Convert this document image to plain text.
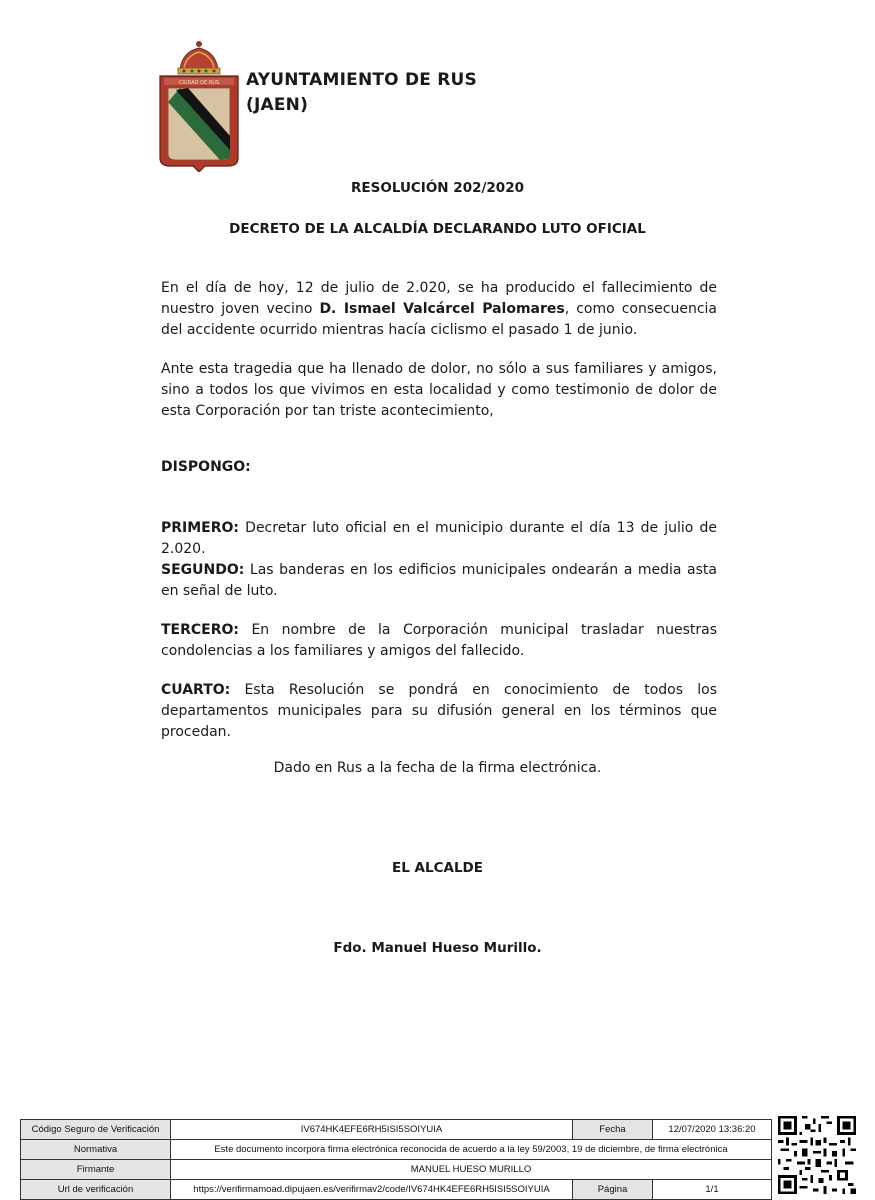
CIUDAD DE RUS AYUNTAMIENTO DE RUS
(JAEN)
RESOLUCIÓN 202/2020
DECRETO DE LA ALCALDÍA DECLARANDO LUTO OFICIAL
En el día de hoy, 12 de julio de 2.020, se ha producido el fallecimiento de nuestro joven vecino D. Ismael Valcárcel Palomares, como consecuencia del accidente ocurrido mientras hacía ciclismo el pasado 1 de junio.
Ante esta tragedia que ha llenado de dolor, no sólo a sus familiares y amigos, sino a todos los que vivimos en esta localidad y como testimonio de dolor de esta Corporación por tan triste acontecimiento,
DISPONGO:
PRIMERO: Decretar luto oficial en el municipio durante el día 13 de julio de 2.020.
SEGUNDO: Las banderas en los edificios municipales ondearán a media asta en señal de luto.
TERCERO: En nombre de la Corporación municipal trasladar nuestras condolencias a los familiares y amigos del fallecido.
CUARTO: Esta Resolución se pondrá en conocimiento de todos los departamentos municipales para su difusión general en los términos que procedan.
Dado en Rus a la fecha de la firma electrónica.
EL ALCALDE
Fdo. Manuel Hueso Murillo.
Código Seguro de Verificación	IV674HK4EFE6RH5ISI5SOIYUIA	Fecha	12/07/2020 13:36:20
Normativa	Este documento incorpora firma electrónica reconocida de acuerdo a la ley 59/2003, 19 de diciembre, de firma electrónica		
Firmante	MANUEL HUESO MURILLO		
Url de verificación	https://verifirmamoad.dipujaen.es/verifirmav2/code/IV674HK4EFE6RH5ISI5SOIYUIA	Página	1/1
